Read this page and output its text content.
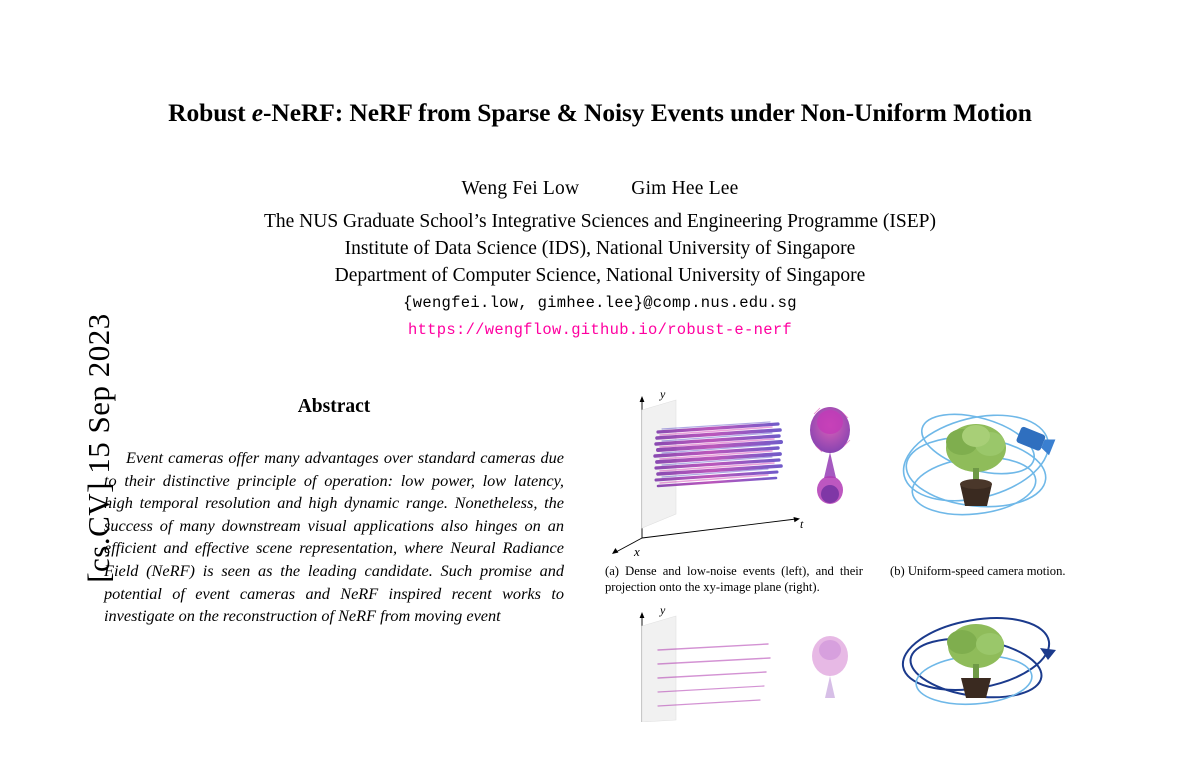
[cs.CV] 15 Sep 2023
Robust e-NeRF: NeRF from Sparse & Noisy Events under Non-Uniform Motion
Weng Fei Low	Gim Hee Lee
The NUS Graduate School’s Integrative Sciences and Engineering Programme (ISEP)
Institute of Data Science (IDS), National University of Singapore
Department of Computer Science, National University of Singapore
{wengfei.low, gimhee.lee}@comp.nus.edu.sg
https://wengflow.github.io/robust-e-nerf
Abstract
Event cameras offer many advantages over standard cameras due to their distinctive principle of operation: low power, low latency, high temporal resolution and high dynamic range. Nonetheless, the success of many downstream visual applications also hinges on an efficient and effective scene representation, where Neural Radiance Field (NeRF) is seen as the leading candidate. Such promise and potential of event cameras and NeRF inspired recent works to investigate on the reconstruction of NeRF from moving event
x
y
t
(a) Dense and low-noise events (left), and their projection onto the xy-image plane (right).
(b) Uniform-speed camera motion.
y
